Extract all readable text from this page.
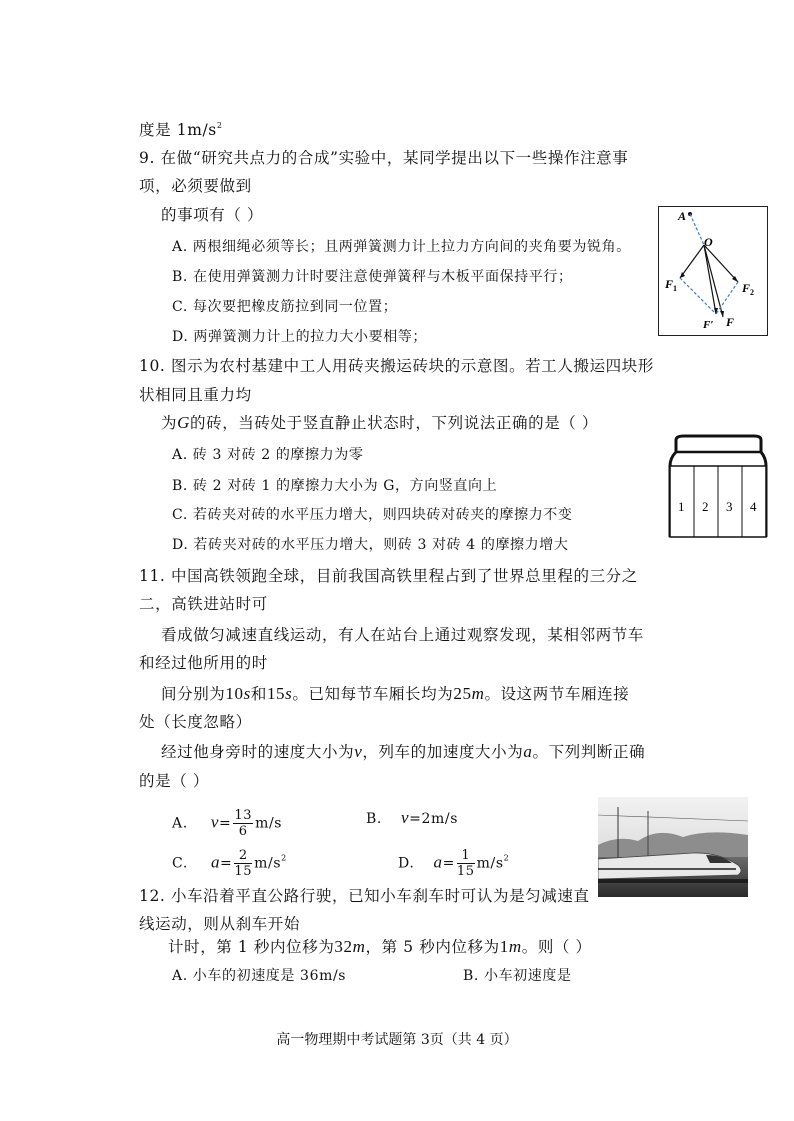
度是 $1m/s^2$
9. 在做“研究共点力的合成”实验中，某同学提出以下一些操作注意事
项，必须要做到
的事项有（ ）
A. 两根细绳必须等长；且两弹簧测力计上拉力方向间的夹角要为锐角。
B. 在使用弹簧测力计时要注意使弹簧秤与木板平面保持平行；
C. 每次要把橡皮筋拉到同一位置；
D. 两弹簧测力计上的拉力大小要相等；
10. 图示为农村基建中工人用砖夹搬运砖块的示意图。若工人搬运四块形
状相同且重力均
为G的砖，当砖处于竖直静止状态时，下列说法正确的是（ ）
A. 砖 3 对砖 2 的摩擦力为零
B. 砖 2 对砖 1 的摩擦力大小为 G，方向竖直向上
C. 若砖夹对砖的水平压力增大，则四块砖对砖夹的摩擦力不变
D. 若砖夹对砖的水平压力增大，则砖 3 对砖 4 的摩擦力增大
11. 中国高铁领跑全球，目前我国高铁里程占到了世界总里程的三分之
二，高铁进站时可
看成做匀减速直线运动，有人在站台上通过观察发现，某相邻两节车
和经过他所用的时
间分别为10s和15s。已知每节车厢长均为25m。设这两节车厢连接
处（长度忽略）
经过他身旁时的速度大小为v，列车的加速度大小为a。下列判断正确
的是（ ）
A. $v= \frac{13}{6} m/s$	B. v=2m/s
C. $a= \frac{2}{15} m/s^2$	D. $a= \frac{1}{15} m/s^2$
12. 小车沿着平直公路行驶，已知小车刹车时可认为是匀减速直
线运动，则从刹车开始
计时，第 1 秒内位移为32m，第 5 秒内位移为1m。则（ ）
A. 小车的初速度是 36m/s	B. 小车初速度是
A
O
$F_1$	$F_2$
F′ F
1 2 3 4
高一物理期中考试题第 3页（共 4 页）
